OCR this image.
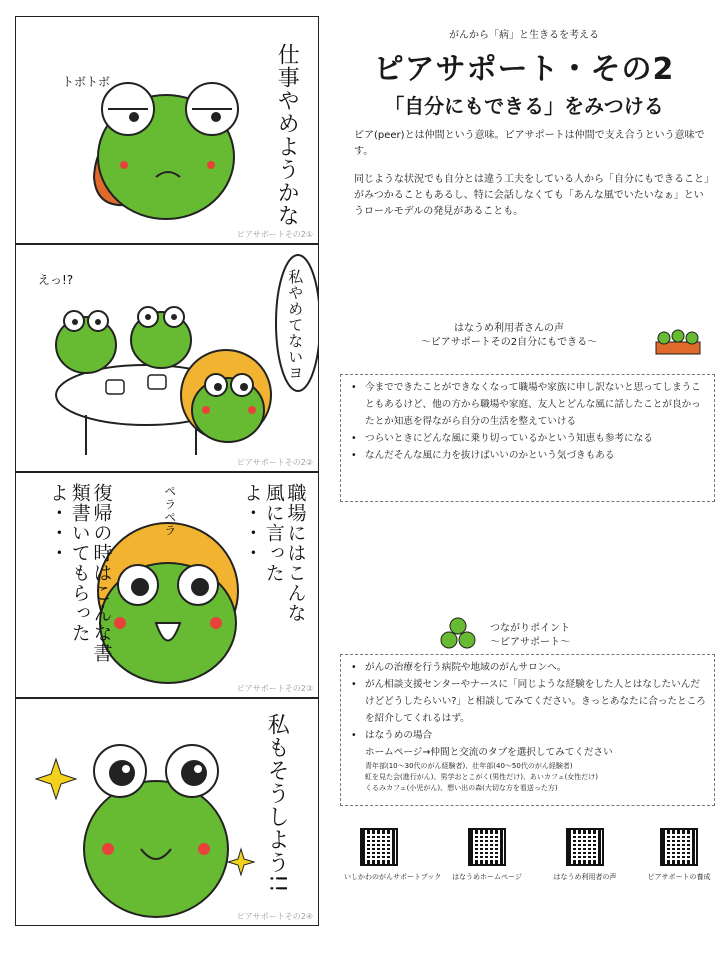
トボトボ	仕事やめようかな
ピアサポートその2①
えっ!?	私やめてないヨ
ピアサポートその2②
職場にはこんな風に言ったよ・・・
復帰の時はこんな書類書いてもらったよ・・・	ペラペラ
ピアサポートその2③
私もそうしよう!!
ピアサポートその2④
がんから「病」と生きるを考える
ピアサポート・その2
「自分にもできる」をみつける

ピア(peer)とは仲間という意味。ピアサポートは仲間で支え合うという意味です。

同じような状況でも自分とは違う工夫をしている人から「自分にもできること」がみつかることもあるし、特に会話しなくても「あんな風でいたいなぁ」というロールモデルの発見があることも。

はなうめ利用者さんの声
～ピアサポートその2自分にもできる～
• 今までできたことができなくなって職場や家族に申し訳ないと思ってしまうこともあるけど、他の方から職場や家庭、友人とどんな風に話したことが良かったとか知恵を得ながら自分の生活を整えていける
• つらいときにどんな風に乗り切っているかという知恵も参考になる
• なんだそんな風に力を抜けばいいのかという気づきもある
つながりポイント
～ピアサポート～
• がんの治療を行う病院や地域のがんサロンへ。
• がん相談支援センターやナースに「同じような経験をした人とはなしたいんだけどどうしたらいい?」と相談してみてください。きっとあなたに合ったところを紹介してくれるはず。
• はなうめの場合
ホームページ→仲間と交流のタブを選択してみてください
青年部(10～30代のがん経験者)、壮年部(40～50代のがん経験者)
虹を見た会(進行がん)、男学おとこがく(男性だけ)、あいカフェ(女性だけ)
くるみカフェ(小児がん)、想い出の森(大切な方を看送った方)
いしかわのがんサポートブック はなうめホームページ	はなうめ利用者の声	ピアサポートの養成
